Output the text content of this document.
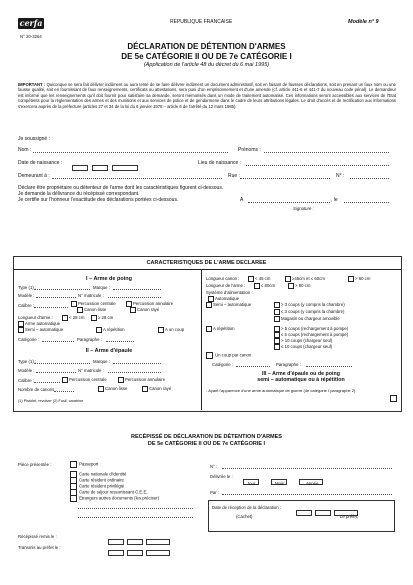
cerfa
N° 20-3264
REPUBLIQUE FRANCAISE	Modèle n° 9
DÉCLARATION DE DÉTENTION D'ARMES
DE 5e CATÉGORIE II OU DE 7e CATÉGORIE I
(Application de l'article 48 du décret du 6 mai 1995)
IMPORTANT : Quiconque se sera fait délivrer indûment ou aura tenté de se faire délivrer indûment un document administratif, soit en faisant de fausses déclarations, soit en prenant un faux nom ou une fausse qualité, soit en fournissant de faux renseignements, certificats ou attestations, sera puni d'un emprisonnement et d'une amende (cf. article 441-6 et 441-7 du nouveau code pénal). Le demandeur est informé que les renseignements qu'il doit fournir pour satisfaire sa demande, seront mémorisés dans un mode de traitement automatisé. Ces informations seront accessibles aux services de l'Etat compétents pour la réglementation des armes et des munitions et aux services de police et de gendarmerie dans le cadre de leurs attributions légales. Le droit d'accès et de rectification aux informations s'exercera auprès de la préfecture (articles 27 et 34 de la loi du 6 janvier 1978 – article 6 de l'arrêté du 12 mars 1985).
Je soussigné :
Nom :	Prénoms :
Date de naissance :	Lieu de naissance :
Demeurant à :	Rue :	N° :
Déclare être propriétaire ou détenteur de l'arme dont les caractéristiques figurent ci-dessous.
Je demande la délivrance du récépissé correspondant.
Je certifie sur l'honneur l'exactitude des déclarations portées ci-dessous.	A	, le
Signature :
CARACTERISTIQUES DE L'ARME DECLAREE
I – Arme de poing
Type (1) :	Marque :
Modèle :	N° matricule :
Calibre :	Percussion centrale	Percussion annulaire
Canon lisse	Canon rayé
Longueur d'arme :	< 28 cm	≥ 28 cm
Arme automatique
Semi – automatique	A répétition	A un coup
Catégorie :	Paragraphe :
II – Arme d'épaule
Type (1) :	Marque :
Modèle :	N° matricule :
Calibre :	Percussion centrale	Percussion annulaire
Nombre de canons :	Canon lisse	Canon rayé
(1) Pistolet, revolver (2) Fusil, carabine
Longueur canon :	< 45 cm	≥45cm et ≤ 60cm	> 60 cm
Longueur de l'arme :	≤ 80cm	> 80 cm
Système d'alimentation :
Automatique
Semi – automatique	> 3 coups (y compris la chambre)
≤ 3 coups (y compris la chambre)
Magasin ou chargeur amovible
A répétition	> 5 coups (rechargement à pompe)
≤ 5 coups (rechargement à pompe)
> 10 coups (chargeur seul)
≤ 10 coups (chargeur seul)
Un coup par canon
Catégorie :	Paragraphe :
III – Arme d'épaule ou de poing
semi – automatique ou à répétition
- Ayant l'apparence d'une arme automatique de guerre (4e catégorie I paragraphe 2)
RECÉPISSÉ DE DÉCLARATION DE DÉTENTION D'ARMES
DE 5e CATÉGORIE II OU DE 7e CATÉGORIE I
Pièce présentée :	Passeport
Carte nationale d'identité
Carte résident ordinaire
Carte résident privilégié
Carte de séjour ressortissant C.E.E.
Etrangers autres documents (les préciser)
N° :
Délivrée le :
Jour	Mois	Année
Par :
Date de réception de la déclaration :
(Cachet)	Le préfet,
Récépissé remis le :
Transmis au préfet le :
